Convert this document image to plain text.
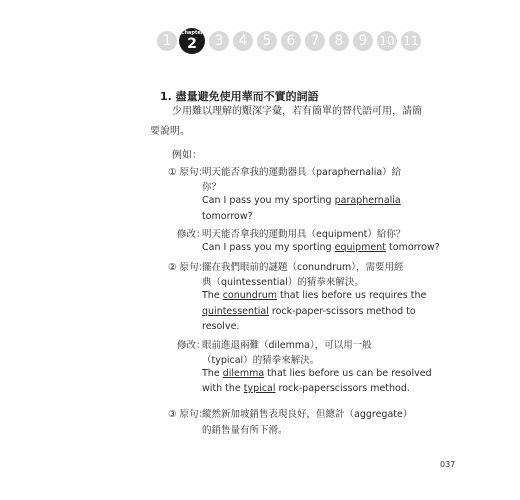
1	Chapter
2	3	4	5	6	7	8	9 10 11
1. 盡量避免使用華而不實的詞語
少用難以理解的艱深字彙，若有簡單的替代語可用，請簡
要說明。
例如：
① 原句：
明天能否拿我的運動器具（paraphernalia）給
你？
Can I pass you my sporting paraphernalia
tomorrow?
修改：
明天能否拿我的運動用具（equipment）給你？
Can I pass you my sporting equipment tomorrow?
② 原句：
擺在我們眼前的謎題（conundrum），需要用經
典（quintessential）的猜拳來解決。
The conundrum that lies before us requires the
quintessential rock-paper-scissors method to
resolve.
修改：
眼前進退兩難（dilemma），可以用一般
（typical）的猜拳來解決。
The dilemma that lies before us can be resolved
with the typical rock-paperscissors method.
③ 原句：
縱然新加坡銷售表現良好，但總計（aggregate）
的銷售量有所下滑。
037
